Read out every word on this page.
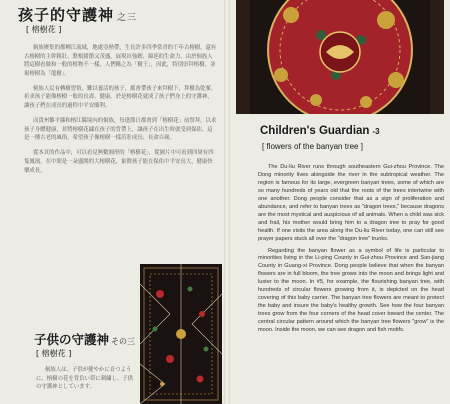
孩子的守護神 之三
[ 榕樹花 ]

侗族聚集的都柳江流域，地處亞熱帶，生長許多四季常青的千年古榕樹，還有古榕樹的主幹粗壯，盤根錯節又茂盛，展現出強韌、綿延的生命力。由於侗族人將這樹看做和一般的植物不一樣，人們稱之為「樹王」，因此，特別崇拜榕樹，並視榕樹為「龍樹」。

侗族人民有轉樹習俗，難以養活的孩子，都會帶孩子來拜樹下，拜樹為乾爹，祈求孩子能像榕樹一般的長壽、健康。於是榕樹花就成了孩子們身上的守護神，讓孩子們在成長的過程中平安順利。

而貴州黎平縣和榕江縣境內的侗族，每逢節日都會到「榕樹花」前祭拜，以求孩子身體健康，並將榕樹花繡在孩子的背帶上，讓孩子在出生時就受到保佑。這是一種古老的風俗，希望孩子像榕樹一樣茁壯成長、長命百歲。

從本頁的作品中，可以看見無數圓形的「榕樹花」，從圖片中可看到四周有四隻鳳凰，在中間是一朵盛開的大榕樹花，象徵孩子能在保佑中平安長大，健康快樂成長。

子供の守護神 その三
[ 榕樹花 ]

侗族人は、子供が健やかに育つように、榕樹の花を背負い帯に刺繍し、子供の守護神としています。

Children's Guardian -3
[ flowers of the banyan tree ]

The Du-liu River runs through southeastern Gui-zhou Province. The Dong minority lives alongside the river in the subtropical weather. The region is famous for its large, evergreen banyan trees, some of which are so many hundreds of years old that the roots of the trees intertwine with one another. Dong people consider that as a sign of proliferation and abundance, and refer to banyan trees as "dragon trees," because dragons are the most mystical and auspicious of all animals. When a child was sick and frail, his mother would bring him to a dragon tree to pray for good health. If one visits the area along the Du-liu River today, one can still see prayer papers stuck all over the "dragon tree" trunks.

Regarding the banyan flower as a symbol of life is particular to minorities living in the Li-ping County in Gui-zhou Province and San-jiang County in Guang-xi Province. Dong people believe that when the banyan flowers are in full bloom, the tree grows into the moon and brings light and luster to the moon. In #5, for example, the flourishing banyan tree, with hundreds of circular flowers growing from it, is depicted on the head covering of this baby carrier. The banyan tree flowers are meant to protect the baby and insure the baby's healthy growth. See how the four banyan trees grow from the four corners of the head cover toward the center. The central circular pattern around which the banyan tree flowers "grow" is the moon. Inside the moon, we can see dragon and fish motifs.
